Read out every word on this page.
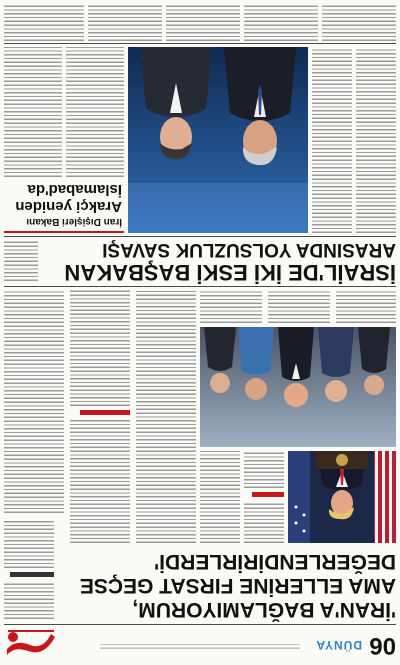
06
DÜNYA
'İRAN'A BAĞLAMIYORUM,
AMA ELLERİNE FIRSAT GEÇSE
DEĞERLENDİRİRLERDİ'
İSRAİL'DE İKİ ESKİ BAŞBAKAN
ARASINDA YOLSUZLUK SAVAŞI
İran Dışişleri Bakanı
Arakçi yeniden
İslamabad'da
